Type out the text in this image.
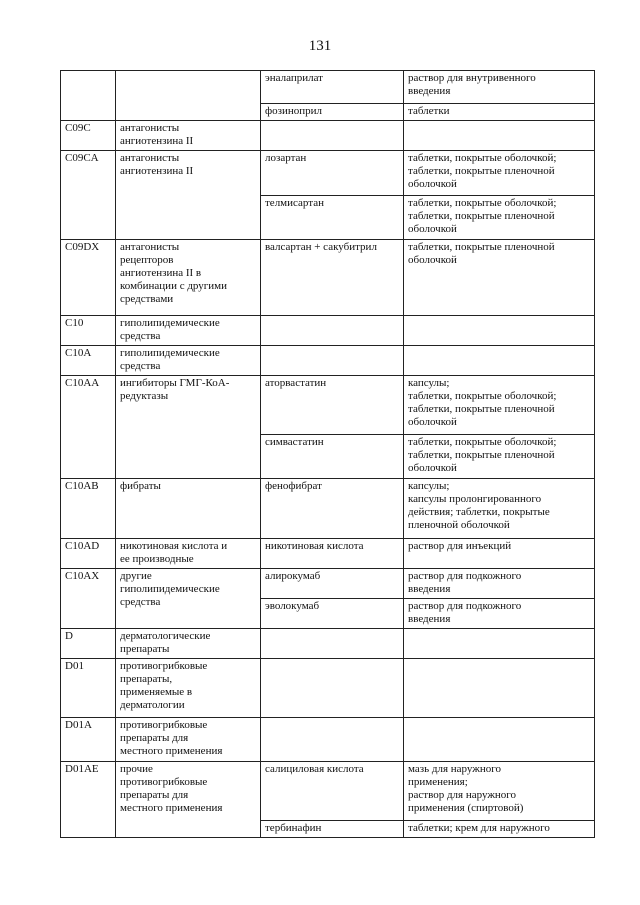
131

		эналаприлат	раствор для внутривенного
введения

		фозиноприл	таблетки

C09C	антагонисты
ангиотензина II		

C09CA	антагонисты
ангиотензина II	лозартан	таблетки, покрытые оболочкой;
таблетки, покрытые пленочной
оболочкой

		телмисартан	таблетки, покрытые оболочкой;
таблетки, покрытые пленочной
оболочкой

C09DX	антагонисты
рецепторов
ангиотензина II в
комбинации с другими
средствами	валсартан + сакубитрил	таблетки, покрытые пленочной
оболочкой

C10	гиполипидемические
средства		

C10A	гиполипидемические
средства		

C10AA	ингибиторы ГМГ-КоА-
редуктазы	аторвастатин	капсулы;
таблетки, покрытые оболочкой;
таблетки, покрытые пленочной
оболочкой

		симвастатин	таблетки, покрытые оболочкой;
таблетки, покрытые пленочной
оболочкой

C10AB	фибраты	фенофибрат	капсулы;
капсулы пролонгированного
действия; таблетки, покрытые
пленочной оболочкой

C10AD	никотиновая кислота и
ее производные	никотиновая кислота	раствор для инъекций

C10AX	другие
гиполипидемические
средства	алирокумаб	раствор для подкожного
введения

		эволокумаб	раствор для подкожного
введения

D	дерматологические
препараты		

D01	противогрибковые
препараты,
применяемые в
дерматологии		

D01A	противогрибковые
препараты для
местного применения		

D01AE	прочие
противогрибковые
препараты для
местного применения	салициловая кислота	мазь для наружного
применения;
раствор для наружного
применения (спиртовой)

		тербинафин	таблетки; крем для наружного
